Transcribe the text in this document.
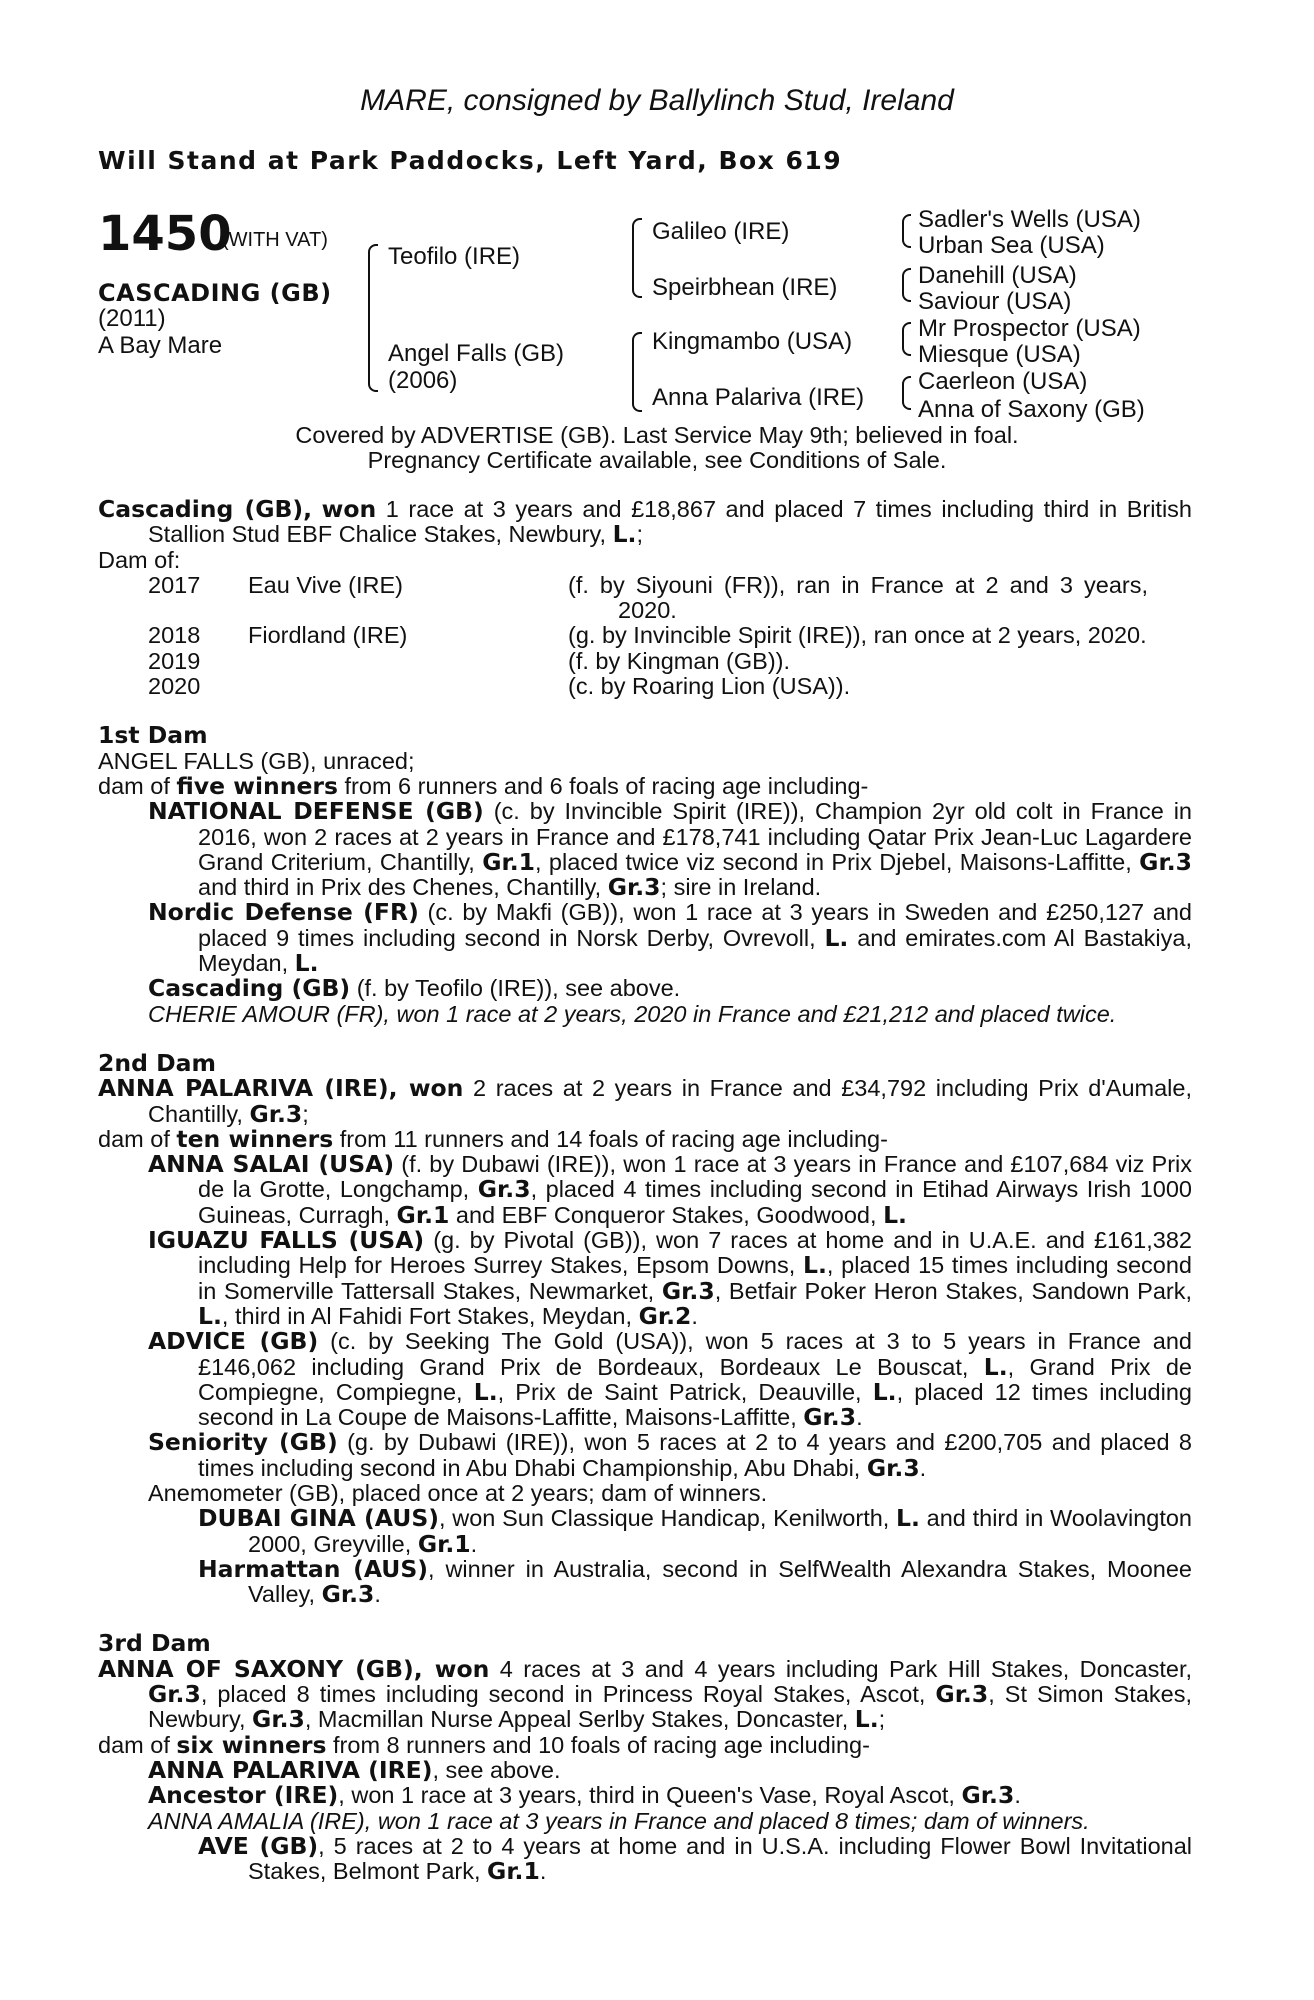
MARE, consigned by Ballylinch Stud, Ireland
Will Stand at Park Paddocks, Left Yard, Box 619
1450
(WITH VAT)
CASCADING (GB)
(2011)
A Bay Mare
Teofilo (IRE)
Angel Falls (GB)
(2006)
Galileo (IRE)
Speirbhean (IRE)
Kingmambo (USA)
Anna Palariva (IRE)
Sadler's Wells (USA)
Urban Sea (USA)
Danehill (USA)
Saviour (USA)
Mr Prospector (USA)
Miesque (USA)
Caerleon (USA)
Anna of Saxony (GB)
Covered by ADVERTISE (GB). Last Service May 9th; believed in foal.
Pregnancy Certificate available, see Conditions of Sale.

Cascading (GB), won 1 race at 3 years and £18,867 and placed 7 times including third in British Stallion Stud EBF Chalice Stakes, Newbury, L.;

Dam of:

2017	Eau Vive (IRE)	(f. by Siyouni (FR)), ran in France at 2 and 3 years, 2020.
2018	Fiordland (IRE)	(g. by Invincible Spirit (IRE)), ran once at 2 years, 2020.
2019	(f. by Kingman (GB)).
2020	(c. by Roaring Lion (USA)).

1st Dam

ANGEL FALLS (GB), unraced;

dam of five winners from 6 runners and 6 foals of racing age including-

NATIONAL DEFENSE (GB) (c. by Invincible Spirit (IRE)), Champion 2yr old colt in France in 2016, won 2 races at 2 years in France and £178,741 including Qatar Prix Jean-Luc Lagardere Grand Criterium, Chantilly, Gr.1, placed twice viz second in Prix Djebel, Maisons-Laffitte, Gr.3 and third in Prix des Chenes, Chantilly, Gr.3; sire in Ireland.

Nordic Defense (FR) (c. by Makfi (GB)), won 1 race at 3 years in Sweden and £250,127 and placed 9 times including second in Norsk Derby, Ovrevoll, L. and emirates.com Al Bastakiya, Meydan, L.

Cascading (GB) (f. by Teofilo (IRE)), see above.

CHERIE AMOUR (FR), won 1 race at 2 years, 2020 in France and £21,212 and placed twice.

2nd Dam

ANNA PALARIVA (IRE), won 2 races at 2 years in France and £34,792 including Prix d'Aumale, Chantilly, Gr.3;

dam of ten winners from 11 runners and 14 foals of racing age including-

ANNA SALAI (USA) (f. by Dubawi (IRE)), won 1 race at 3 years in France and £107,684 viz Prix de la Grotte, Longchamp, Gr.3, placed 4 times including second in Etihad Airways Irish 1000 Guineas, Curragh, Gr.1 and EBF Conqueror Stakes, Goodwood, L.

IGUAZU FALLS (USA) (g. by Pivotal (GB)), won 7 races at home and in U.A.E. and £161,382 including Help for Heroes Surrey Stakes, Epsom Downs, L., placed 15 times including second in Somerville Tattersall Stakes, Newmarket, Gr.3, Betfair Poker Heron Stakes, Sandown Park, L., third in Al Fahidi Fort Stakes, Meydan, Gr.2.

ADVICE (GB) (c. by Seeking The Gold (USA)), won 5 races at 3 to 5 years in France and £146,062 including Grand Prix de Bordeaux, Bordeaux Le Bouscat, L., Grand Prix de Compiegne, Compiegne, L., Prix de Saint Patrick, Deauville, L., placed 12 times including second in La Coupe de Maisons-Laffitte, Maisons-Laffitte, Gr.3.

Seniority (GB) (g. by Dubawi (IRE)), won 5 races at 2 to 4 years and £200,705 and placed 8 times including second in Abu Dhabi Championship, Abu Dhabi, Gr.3.

Anemometer (GB), placed once at 2 years; dam of winners.

DUBAI GINA (AUS), won Sun Classique Handicap, Kenilworth, L. and third in Woolavington 2000, Greyville, Gr.1.

Harmattan (AUS), winner in Australia, second in SelfWealth Alexandra Stakes, Moonee Valley, Gr.3.

3rd Dam

ANNA OF SAXONY (GB), won 4 races at 3 and 4 years including Park Hill Stakes, Doncaster, Gr.3, placed 8 times including second in Princess Royal Stakes, Ascot, Gr.3, St Simon Stakes, Newbury, Gr.3, Macmillan Nurse Appeal Serlby Stakes, Doncaster, L.;

dam of six winners from 8 runners and 10 foals of racing age including-

ANNA PALARIVA (IRE), see above.

Ancestor (IRE), won 1 race at 3 years, third in Queen's Vase, Royal Ascot, Gr.3.

ANNA AMALIA (IRE), won 1 race at 3 years in France and placed 8 times; dam of winners.

AVE (GB), 5 races at 2 to 4 years at home and in U.S.A. including Flower Bowl Invitational Stakes, Belmont Park, Gr.1.
